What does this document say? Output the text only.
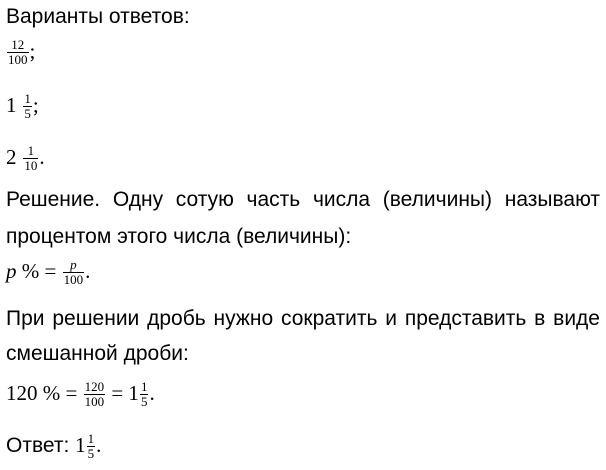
Варианты ответов:
$\frac{12}{100}$ ;
$1 \frac{1}{5}$ ;
$2 \frac{1}{10}$ .
Решение. Одну сотую часть числа (величины) называют
процентом этого числа (величины):
p % = $\frac{p}{100}$ .
При решении дробь нужно сократить и представить в виде
смешанной дроби:
120 % = $\frac{120}{100} = 1 \frac{1}{5}$ .
Ответ: $1 \frac{1}{5}$ .
